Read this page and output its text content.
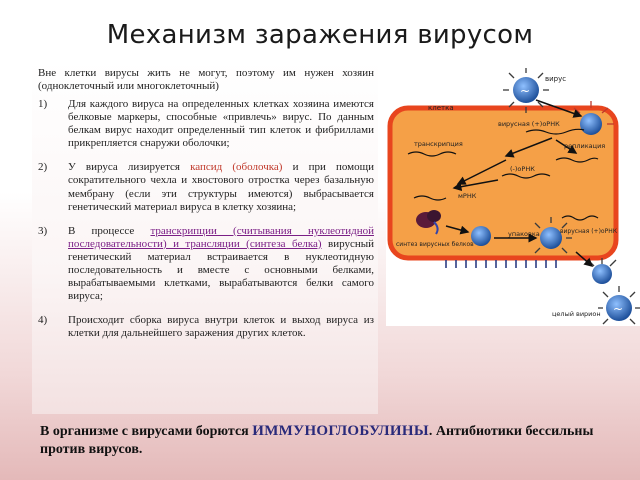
Механизм заражения вирусом
Вне клетки вирусы жить не могут, поэтому им нужен хозяин (одноклеточный или многоклеточный)
1)	Для каждого вируса на определенных клетках хозяина имеются белковые маркеры, способные «привлечь» вирус. По данным белкам вирус находит определенный тип клеток и фибриллами прикрепляется снаружи оболочки;
2)	У вируса лизируется капсид (оболочка) и при помощи сократительного чехла и хвостового отростка через базальную мембрану (если эти структуры имеются) выбрасывается генетический материал вируса в клетку хозяина;
3)	В процессе транскрипции (считывания нуклеотидной последовательности) и трансляции (синтеза белка) вирусный генетический материал встраивается в нуклеотидную последовательность и вместе с основными белками, вырабатываемыми клетками, вырабатываются белки самого вируса;
4)	Происходит сборка вируса внутри клеток и выход вируса из клетки для дальнейшего заражения других клеток.
~
вирус
клетка
вирусная (+)оРНК
транскрипция	репликация
(-)оРНК
мРНК
синтез вирусных белков
упаковка	вирусная (+)оРНК
~
целый вирион
В организме с вирусами борются ИММУНОГЛОБУЛИНЫ. Антибиотики бессильны против вирусов.
